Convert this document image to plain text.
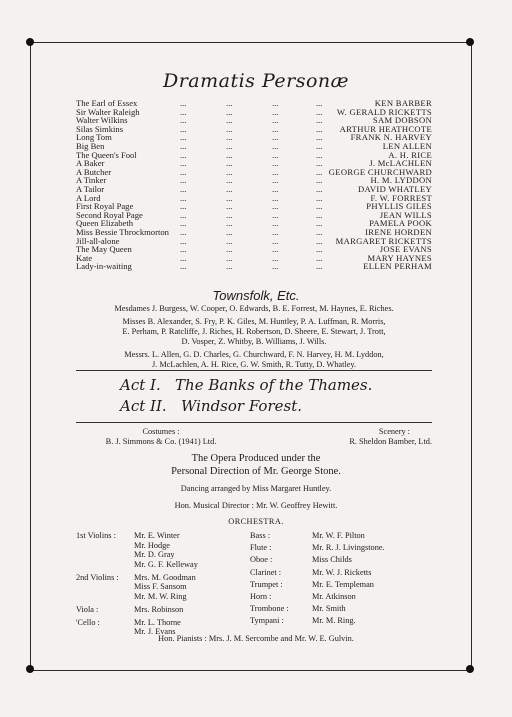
Dramatis Personæ
The Earl of Essex	...	...	...	...	KEN BARBER
Sir Walter Raleigh	...	...	...	... W. GERALD RICKETTS
Walter Wilkins	...	...	...	...	SAM DOBSON
Silas Simkins	...	...	...	... ARTHUR HEATHCOTE
Long Tom	...	...	...	...	FRANK N. HARVEY
Big Ben	...	...	...	...	LEN ALLEN
The Queen's Fool	...	...	...	...	A. H. RICE
A Baker	...	...	...	...	J. McLACHLEN
A Butcher	...	...	...	... GEORGE CHURCHWARD
A Tinker	...	...	...	...	H. M. LYDDON
A Tailor	...	...	...	...	DAVID WHATLEY
A Lord	...	...	...	...	F. W. FORREST
First Royal Page	...	...	...	...	PHYLLIS GILES
Second Royal Page	...	...	...	...	JEAN WILLS
Queen Elizabeth	...	...	...	...	PAMELA POOK
Miss Bessie Throckmorton ...	...	...	...	IRENE HORDEN
Jill-all-alone	...	...	...	... MARGARET RICKETTS
The May Queen	...	...	...	...	JOSE EVANS
Kate	...	...	...	...	MARY HAYNES
Lady-in-waiting	...	...	...	...	ELLEN PERHAM
Townsfolk, Etc.
Mesdames J. Burgess, W. Cooper, O. Edwards, B. E. Forrest, M. Haynes, E. Riches.
Misses B. Alexander, S. Fry, P. K. Giles, M. Huntley, P. A. Luffman, R. Morris,
E. Perham, P. Ratcliffe, J. Riches, H. Robertson, D. Sheere, E. Stewart, J. Trott,
D. Vosper, Z. Whitby, B. Williams, J. Wills.
Messrs. L. Allen, G. D. Charles, G. Churchward, F. N. Harvey, H. M. Lyddon,
J. McLachlen, A. H. Rice, G. W. Smith, R. Tutty, D. Whatley.
Act I. The Banks of the Thames.
Act II. Windsor Forest.
Costumes :
B. J. Simmons & Co. (1941) Ltd.
Scenery :
R. Sheldon Bamber, Ltd.
The Opera Produced under the
Personal Direction of Mr. George Stone.
Dancing arranged by Miss Margaret Huntley.
Hon. Musical Director : Mr. W. Geoffrey Hewitt.
ORCHESTRA.
1st Violins : Mr. E. Winter
Mr. Hodge
Mr. D. Gray
Mr. G. F. Kelleway
2nd Violins : Mrs. M. Goodman
Miss F. Sansom
Mr. M. W. Ring
Viola :	Mrs. Robinson
'Cello :	Mr. L. Thorne
Mr. J. Evans
Bass :	Mr. W. F. Pilton
Flute :	Mr. R. J. Livingstone.
Oboe :	Miss Childs
Clarinet :	Mr. W. J. Ricketts
Trumpet :	Mr. E. Templeman
Horn :	Mr. Atkinson
Trombone :	Mr. Smith
Tympani :	Mr. M. Ring.
Hon. Pianists : Mrs. J. M. Sercombe and Mr. W. E. Gulvin.
